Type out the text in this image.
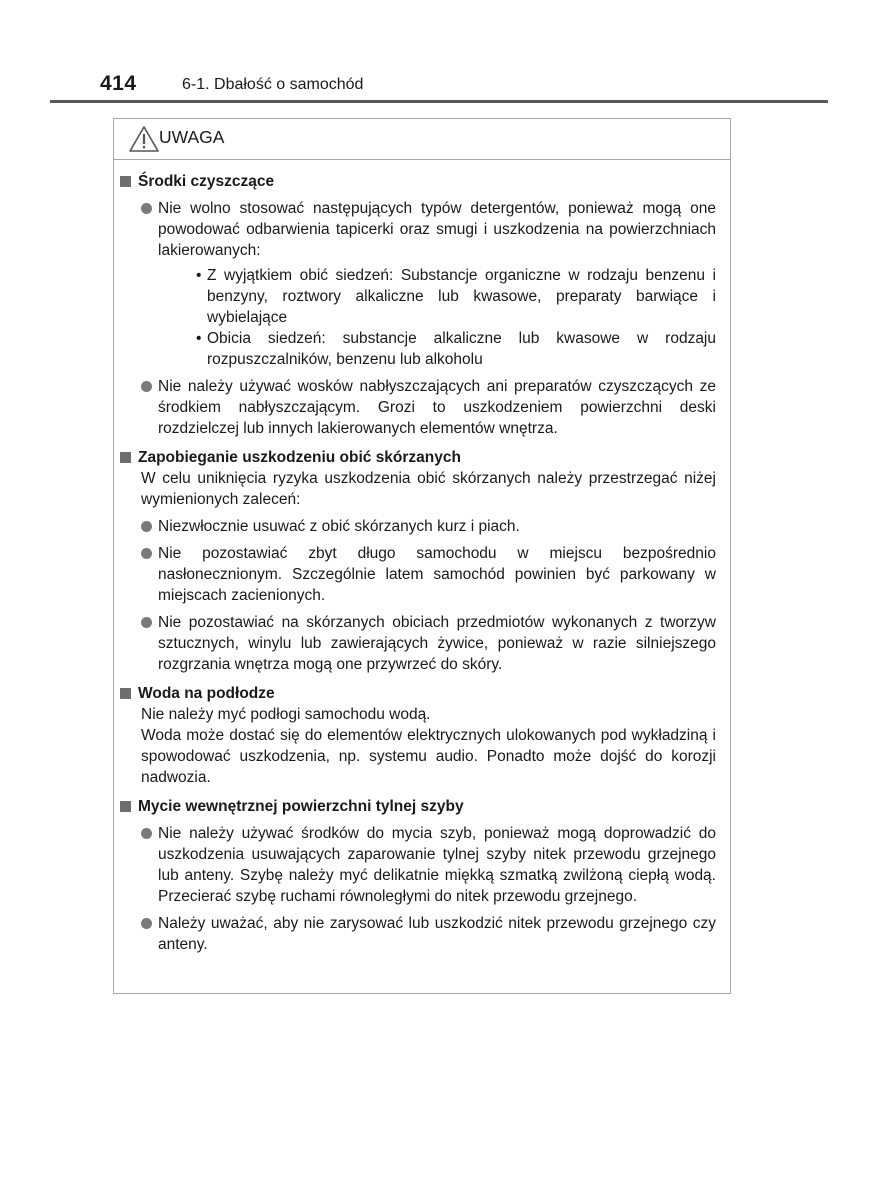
414	6-1. Dbałość o samochód
UWAGA
Środki czyszczące

Nie wolno stosować następujących typów detergentów, ponieważ mogą one powodować odbarwienia tapicerki oraz smugi i uszkodzenia na powierzchniach lakierowanych:

• Z wyjątkiem obić siedzeń: Substancje organiczne w rodzaju benzenu i benzyny, roztwory alkaliczne lub kwasowe, preparaty barwiące i wybielające
• Obicia siedzeń: substancje alkaliczne lub kwasowe w rodzaju rozpuszczalników, benzenu lub alkoholu

Nie należy używać wosków nabłyszczających ani preparatów czyszczących ze środkiem nabłyszczającym. Grozi to uszkodzeniem powierzchni deski rozdzielczej lub innych lakierowanych elementów wnętrza.

Zapobieganie uszkodzeniu obić skórzanych

W celu uniknięcia ryzyka uszkodzenia obić skórzanych należy przestrzegać niżej wymienionych zaleceń:

Niezwłocznie usuwać z obić skórzanych kurz i piach.

Nie pozostawiać zbyt długo samochodu w miejscu bezpośrednio nasłonecznionym. Szczególnie latem samochód powinien być parkowany w miejscach zacienionych.

Nie pozostawiać na skórzanych obiciach przedmiotów wykonanych z tworzyw sztucznych, winylu lub zawierających żywice, ponieważ w razie silniejszego rozgrzania wnętrza mogą one przywrzeć do skóry.

Woda na podłodze

Nie należy myć podłogi samochodu wodą.

Woda może dostać się do elementów elektrycznych ulokowanych pod wykładziną i spowodować uszkodzenia, np. systemu audio. Ponadto może dojść do korozji nadwozia.

Mycie wewnętrznej powierzchni tylnej szyby

Nie należy używać środków do mycia szyb, ponieważ mogą doprowadzić do uszkodzenia usuwających zaparowanie tylnej szyby nitek przewodu grzejnego lub anteny. Szybę należy myć delikatnie miękką szmatką zwilżoną ciepłą wodą. Przecierać szybę ruchami równoległymi do nitek przewodu grzejnego.

Należy uważać, aby nie zarysować lub uszkodzić nitek przewodu grzejnego czy anteny.
